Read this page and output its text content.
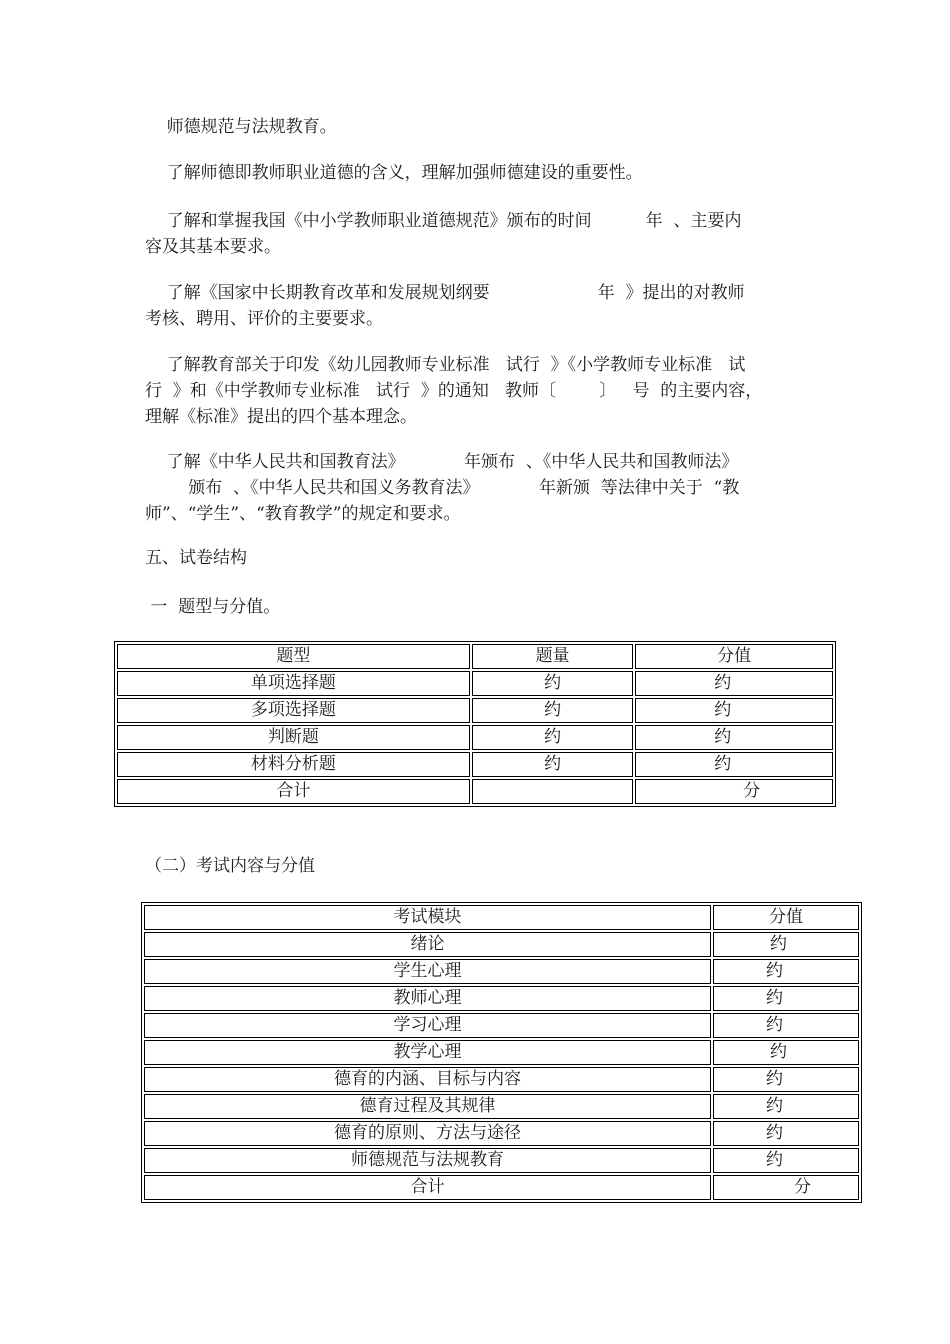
师德规范与法规教育。
了解师德即教师职业道德的含义，理解加强师德建设的重要性。
了解和掌握我国《中小学教师职业道德规范》颁布的时间          年  、主要内
容及其基本要求。
了解《国家中长期教育改革和发展规划纲要                    年  》提出的对教师
考核、聘用、评价的主要要求。
了解教育部关于印发《幼儿园教师专业标准   试行  》《小学教师专业标准   试
行  》和《中学教师专业标准   试行  》的通知   教师〔        〕   号  的主要内容，
理解《标准》提出的四个基本理念。
了解《中华人民共和国教育法》           年颁布  、《中华人民共和国教师法》
颁布  、《中华人民共和国义务教育法》           年新颁  等法律中关于  “教
师”、“学生”、“教育教学”的规定和要求。
五、试卷结构
一  题型与分值。
题型	题量	分值
单项选择题	约	约
多项选择题	约	约
判断题	约	约
材料分析题	约	约
合计		分
（二）考试内容与分值
考试模块	分值
绪论	约
学生心理	约
教师心理	约
学习心理	约
教学心理	约
德育的内涵、目标与内容	约
德育过程及其规律	约
德育的原则、方法与途径	约
师德规范与法规教育	约
合计	分
